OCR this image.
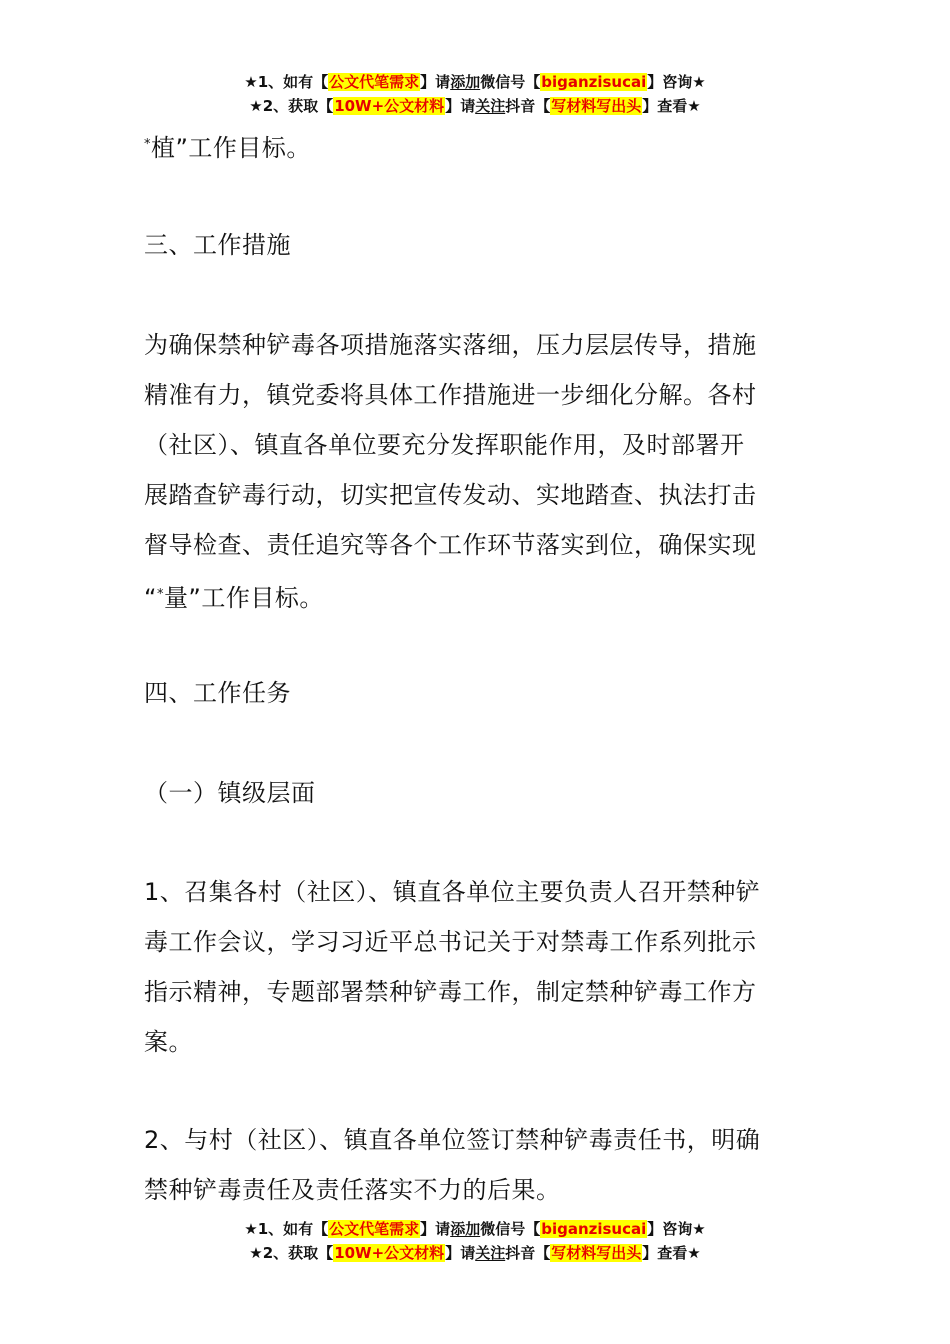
★1、如有【公文代笔需求】请添加微信号【biganzisucai】咨询★
★2、获取【10W+公文材料】请关注抖音【写材料写出头】查看★

*植”工作目标。

三、工作措施

为确保禁种铲毒各项措施落实落细，压力层层传导，措施

精准有力，镇党委将具体工作措施进一步细化分解。各村

（社区）、镇直各单位要充分发挥职能作用，及时部署开

展踏查铲毒行动，切实把宣传发动、实地踏查、执法打击

督导检查、责任追究等各个工作环节落实到位，确保实现

“*量”工作目标。

四、工作任务

（一）镇级层面

1、召集各村（社区）、镇直各单位主要负责人召开禁种铲

毒工作会议，学习习近平总书记关于对禁毒工作系列批示

指示精神，专题部署禁种铲毒工作，制定禁种铲毒工作方

案。

2、与村（社区）、镇直各单位签订禁种铲毒责任书，明确

禁种铲毒责任及责任落实不力的后果。

★1、如有【公文代笔需求】请添加微信号【biganzisucai】咨询★
★2、获取【10W+公文材料】请关注抖音【写材料写出头】查看★
